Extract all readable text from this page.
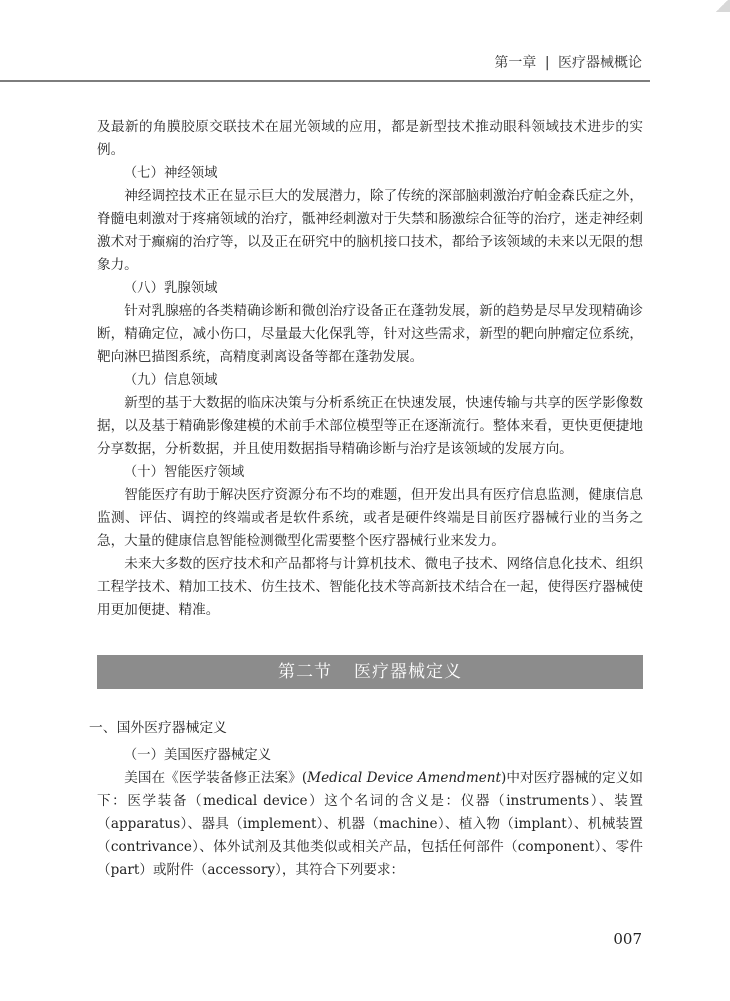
第一章 | 医疗器械概论

及最新的角膜胶原交联技术在屈光领域的应用，都是新型技术推动眼科领域技术进步的实例。

（七）神经领域

神经调控技术正在显示巨大的发展潜力，除了传统的深部脑刺激治疗帕金森氏症之外，脊髓电刺激对于疼痛领域的治疗，骶神经刺激对于失禁和肠激综合征等的治疗，迷走神经刺激术对于癫痫的治疗等，以及正在研究中的脑机接口技术，都给予该领域的未来以无限的想象力。

（八）乳腺领域

针对乳腺癌的各类精确诊断和微创治疗设备正在蓬勃发展，新的趋势是尽早发现精确诊断，精确定位，减小伤口，尽量最大化保乳等，针对这些需求，新型的靶向肿瘤定位系统，靶向淋巴描图系统，高精度剥离设备等都在蓬勃发展。

（九）信息领域

新型的基于大数据的临床决策与分析系统正在快速发展，快速传输与共享的医学影像数据，以及基于精确影像建模的术前手术部位模型等正在逐渐流行。整体来看，更快更便捷地分享数据，分析数据，并且使用数据指导精确诊断与治疗是该领域的发展方向。

（十）智能医疗领域

智能医疗有助于解决医疗资源分布不均的难题，但开发出具有医疗信息监测，健康信息监测、评估、调控的终端或者是软件系统，或者是硬件终端是目前医疗器械行业的当务之急，大量的健康信息智能检测微型化需要整个医疗器械行业来发力。

未来大多数的医疗技术和产品都将与计算机技术、微电子技术、网络信息化技术、组织工程学技术、精加工技术、仿生技术、智能化技术等高新技术结合在一起，使得医疗器械使用更加便捷、精准。

第二节 医疗器械定义
一、国外医疗器械定义
（一）美国医疗器械定义

美国在《医学装备修正法案》(Medical Device Amendment)中对医疗器械的定义如下：医学装备（medical device）这个名词的含义是：仪器（instruments）、装置（apparatus）、器具（implement）、机器（machine）、植入物（implant）、机械装置（contrivance）、体外试剂及其他类似或相关产品，包括任何部件（component）、零件（part）或附件（accessory），其符合下列要求：

007
